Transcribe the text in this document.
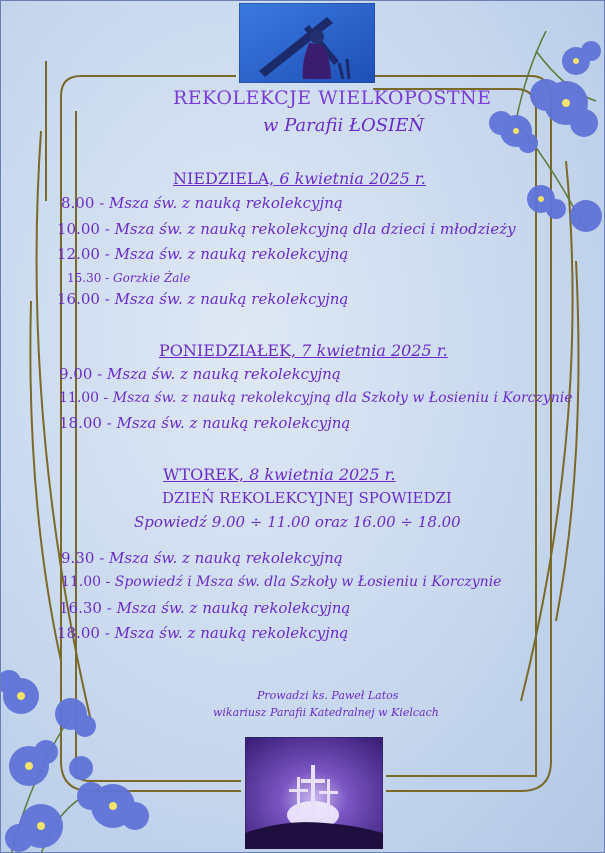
REKOLEKCJE WIELKOPOSTNE
w Parafii ŁOSIEŃ
NIEDZIELA, 6 kwietnia 2025 r.
8.00 - Msza św. z nauką rekolekcyjną
10.00 - Msza św. z nauką rekolekcyjną dla dzieci i młodzieży
12.00 - Msza św. z nauką rekolekcyjną
15.30 - Gorzkie Żale
16.00 - Msza św. z nauką rekolekcyjną
PONIEDZIAŁEK, 7 kwietnia 2025 r.
9.00 - Msza św. z nauką rekolekcyjną
11.00 - Msza św. z nauką rekolekcyjną dla Szkoły w Łosieniu i Korczynie
18.00 - Msza św. z nauką rekolekcyjną
WTOREK, 8 kwietnia 2025 r.
DZIEŃ REKOLEKCYJNEJ SPOWIEDZI
Spowiedź 9.00 ÷ 11.00 oraz 16.00 ÷ 18.00
9.30 - Msza św. z nauką rekolekcyjną
11.00 - Spowiedź i Msza św. dla Szkoły w Łosieniu i Korczynie
16.30 - Msza św. z nauką rekolekcyjną
18.00 - Msza św. z nauką rekolekcyjną
Prowadzi ks. Paweł Latos
wikariusz Parafii Katedralnej w Kielcach
